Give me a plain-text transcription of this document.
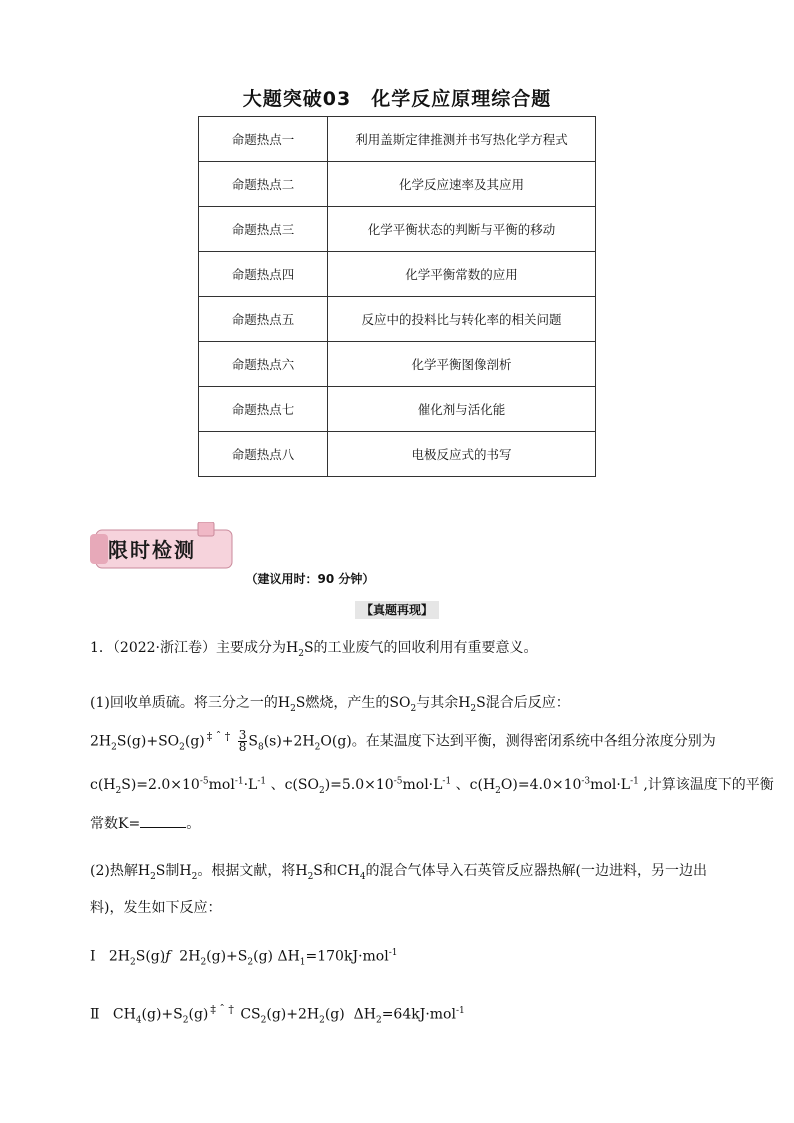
大题突破03　化学反应原理综合题
命题热点一	利用盖斯定律推测并书写热化学方程式
命题热点二	化学反应速率及其应用
命题热点三	化学平衡状态的判断与平衡的移动
命题热点四	化学平衡常数的应用
命题热点五	反应中的投料比与转化率的相关问题
命题热点六	化学平衡图像剖析
命题热点七	催化剂与活化能
命题热点八	电极反应式的书写
限时检测
（建议用时：90 分钟）
【真题再现】
1．（2022·浙江卷）主要成分为$H_2S$的工业废气的回收利用有重要意义。
(1)回收单质硫。将三分之一的$H_2S$燃烧，产生的$SO_2$与其余$H_2S$混合后反应：
$2H_2S(g)+SO_2(g)$ ‡ ˆ † $\frac{3}{8} S_8(s)+2H_2O(g)$。在某温度下达到平衡，测得密闭系统中各组分浓度分别为
$c(H_2S)=2.0\times 10^{-5}mol^{-1}\cdot L^{-1}$ 、$c(SO_2)=5.0\times 10^{-5}mol\cdot L^{-1}$ 、$c(H_2O)=4.0\times 10^{-3}mol\cdot L^{-1}$ ,计算该温度下的平衡
常数K=	。
(2)热解$H_2S$制$H_2$。根据文献，将$H_2S$和$CH_4$的混合气体导入石英管反应器热解(一边进料，另一边出
料)，发生如下反应：
Ⅰ   $2H_2S(g)ƒ$  $2H_2(g)+S_2(g)$ $\Delta H_1=170kJ\cdot mol^{-1}$
Ⅱ   $CH_4(g)+S_2(g)$ ‡ ˆ † $CS_2(g)+2H_2(g)$  $\Delta H_2=64kJ\cdot mol^{-1}$
